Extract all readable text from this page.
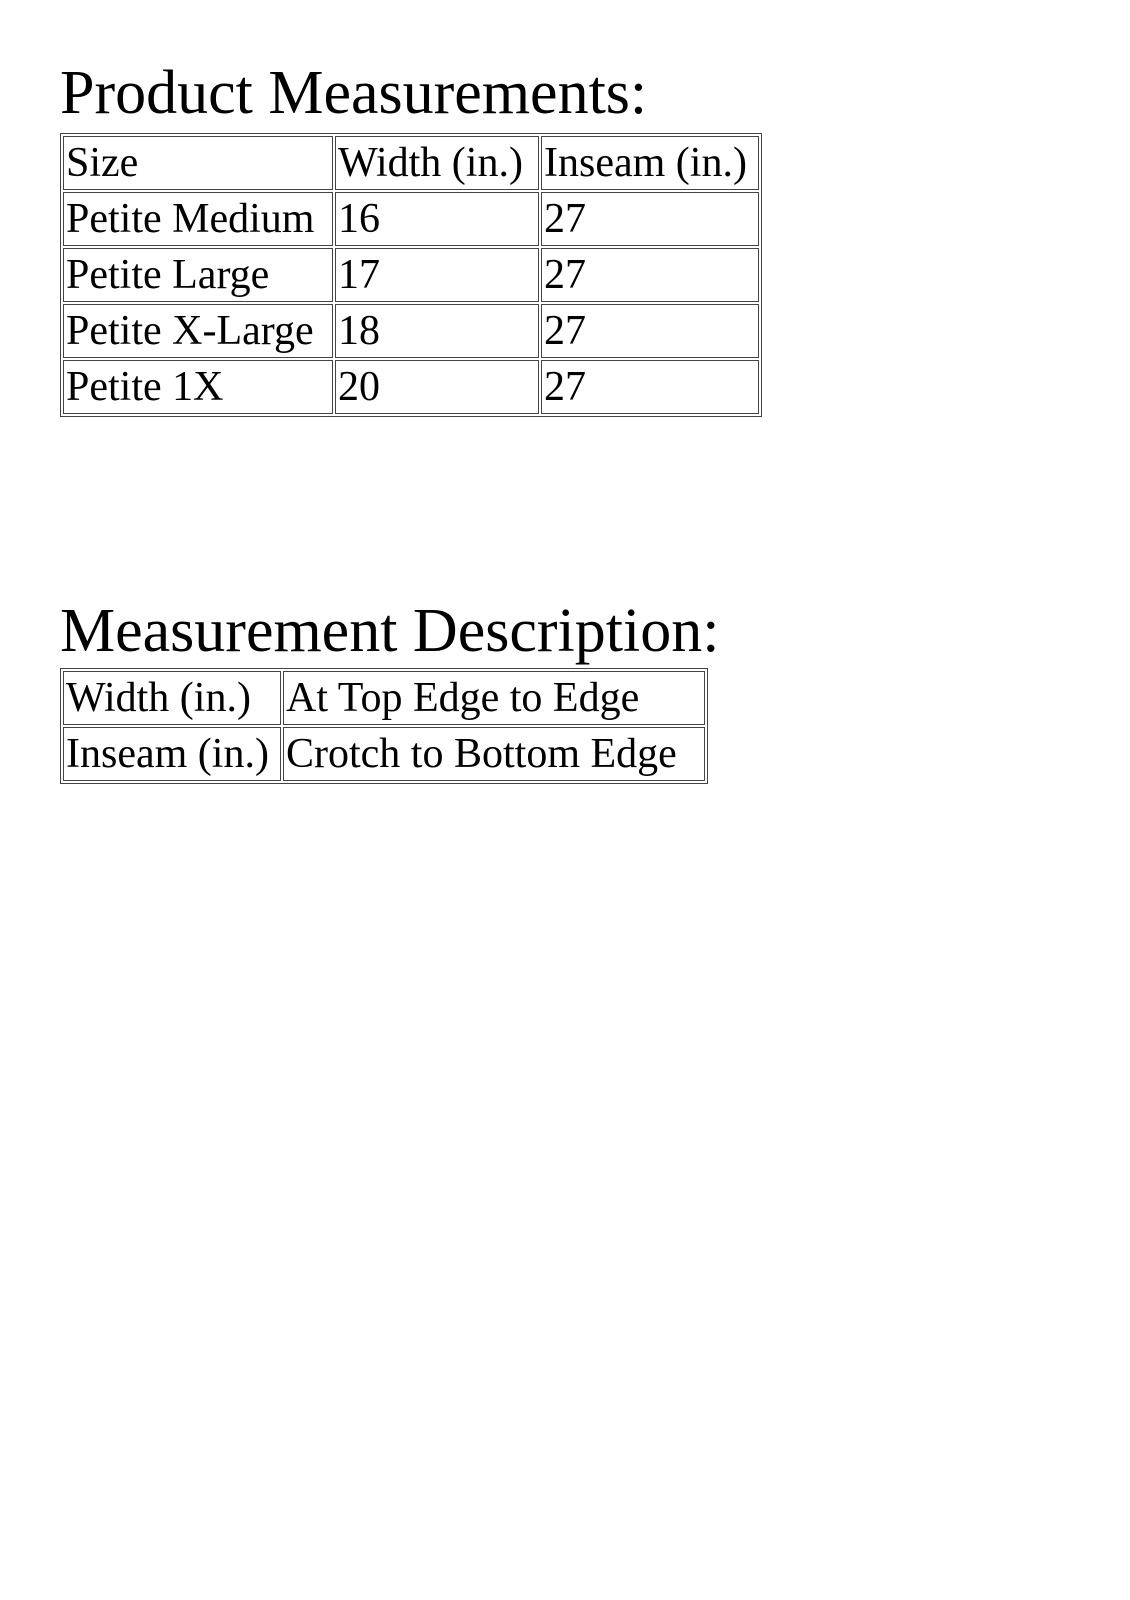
Product Measurements:
Size	Width (in.)	Inseam (in.)
Petite Medium	16	27
Petite Large	17	27
Petite X-Large	18	27
Petite 1X	20	27
Measurement Description:
Width (in.)	At Top Edge to Edge
Inseam (in.)	Crotch to Bottom Edge
